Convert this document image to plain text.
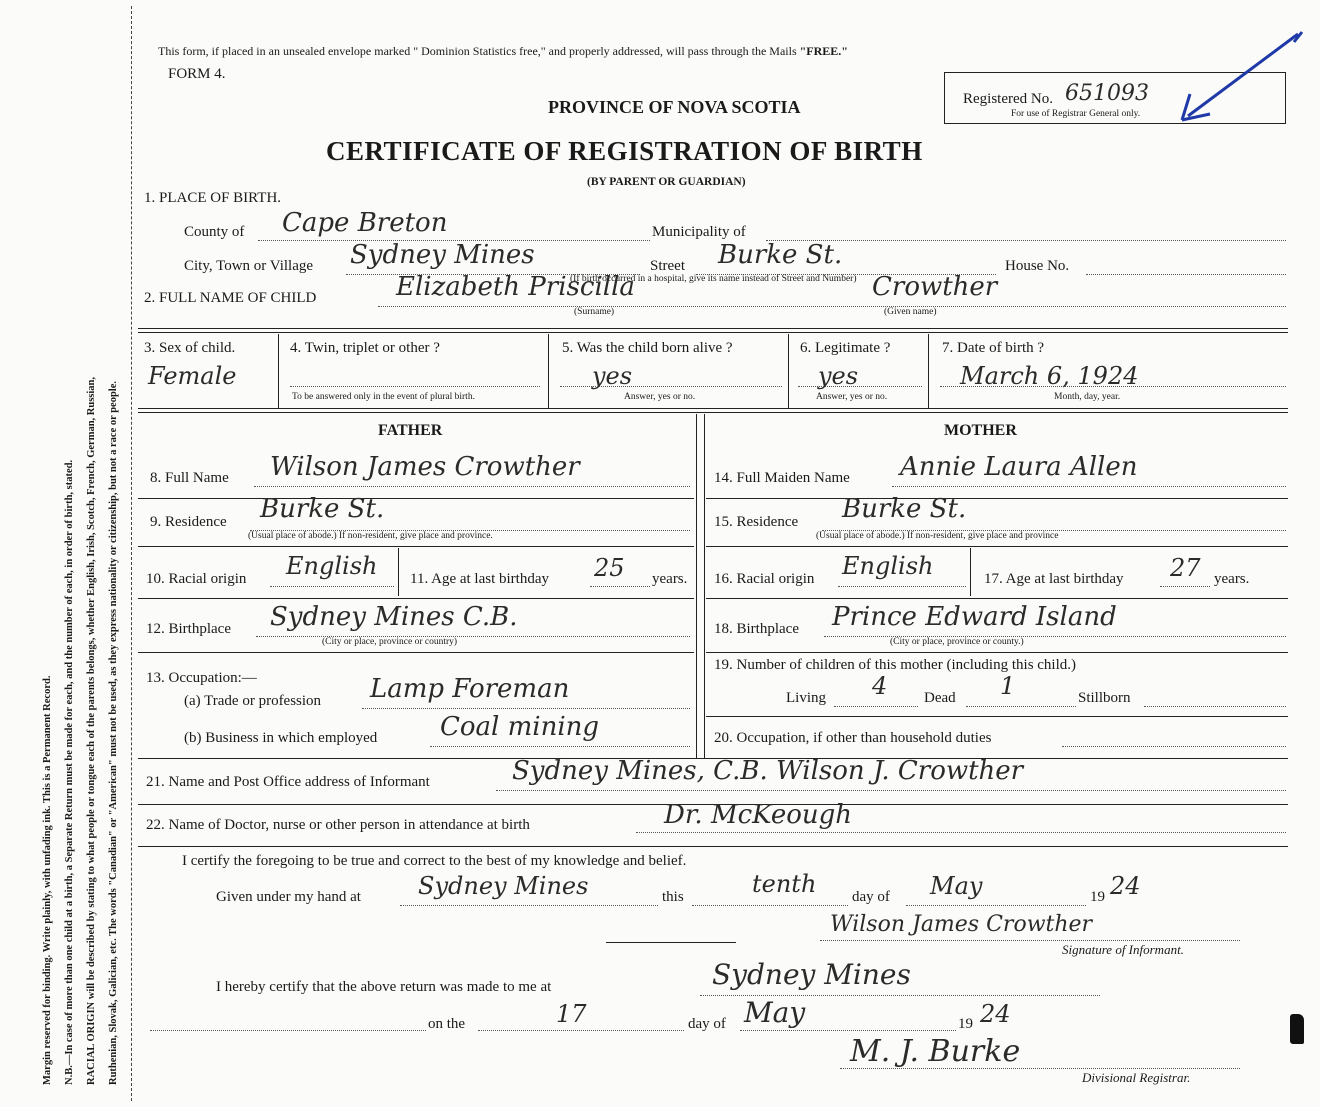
Margin reserved for binding. Write plainly, with unfading ink. This is a Permanent Record. N.B.—In case of more than one child at a birth, a Separate Return must be made for each, and the number of each, in order of birth, stated. RACIAL ORIGIN will be described by stating to what people or tongue each of the parents belongs, whether English, Irish, Scotch, French, German, Russian, Ruthenian, Slovak, Galician, etc. The words "Canadian" or "American" must not be used, as they express nationality or citizenship, but not a race or people.
This form, if placed in an unsealed envelope marked " Dominion Statistics free," and properly addressed, will pass through the Mails "FREE."
FORM 4.
PROVINCE OF NOVA SCOTIA
CERTIFICATE OF REGISTRATION OF BIRTH
(BY PARENT OR GUARDIAN)
Registered No. 651093
For use of Registrar General only.
1. PLACE OF BIRTH.
County of Cape Breton	Municipality of
City, Town or Village Sydney Mines	Street Burke St.	House No.
(If birth occurred in a hospital, give its name instead of Street and Number)
2. FULL NAME OF CHILD	Elizabeth Priscilla	Crowther
(Surname)	(Given name)
3. Sex of child.
Female
4. Twin, triplet or other ?
To be answered only in the event of plural birth.
5. Was the child born alive ?
yes
Answer, yes or no.
6. Legitimate ?
yes
Answer, yes or no.
7. Date of birth ?
March 6, 1924
Month, day, year.
FATHER	MOTHER
8. Full Name Wilson James Crowther
9. Residence Burke St.
(Usual place of abode.) If non-resident, give place and province.
10. Racial origin English 11. Age at last birthday 25 years.
12. Birthplace Sydney Mines C.B.
(City or place, province or country)
13. Occupation:—
(a) Trade or profession Lamp Foreman
(b) Business in which employed Coal mining
14. Full Maiden Name Annie Laura Allen
15. Residence Burke St.
(Usual place of abode.) If non-resident, give place and province
16. Racial origin English	17. Age at last birthday 27 years.
18. Birthplace Prince Edward Island
(City or place, province or county.)
19. Number of children of this mother (including this child.)
Living 4 Dead 1	Stillborn
20. Occupation, if other than household duties
21. Name and Post Office address of Informant	Sydney Mines, C.B. Wilson J. Crowther
22. Name of Doctor, nurse or other person in attendance at birth	Dr. McKeough
I certify the foregoing to be true and correct to the best of my knowledge and belief.
Given under my hand at Sydney Mines	this	tenth day of May	19 24
Wilson James Crowther
Signature of Informant.
I hereby certify that the above return was made to me at	Sydney Mines
on the	17	day of May	19 24
M. J. Burke
Divisional Registrar.
